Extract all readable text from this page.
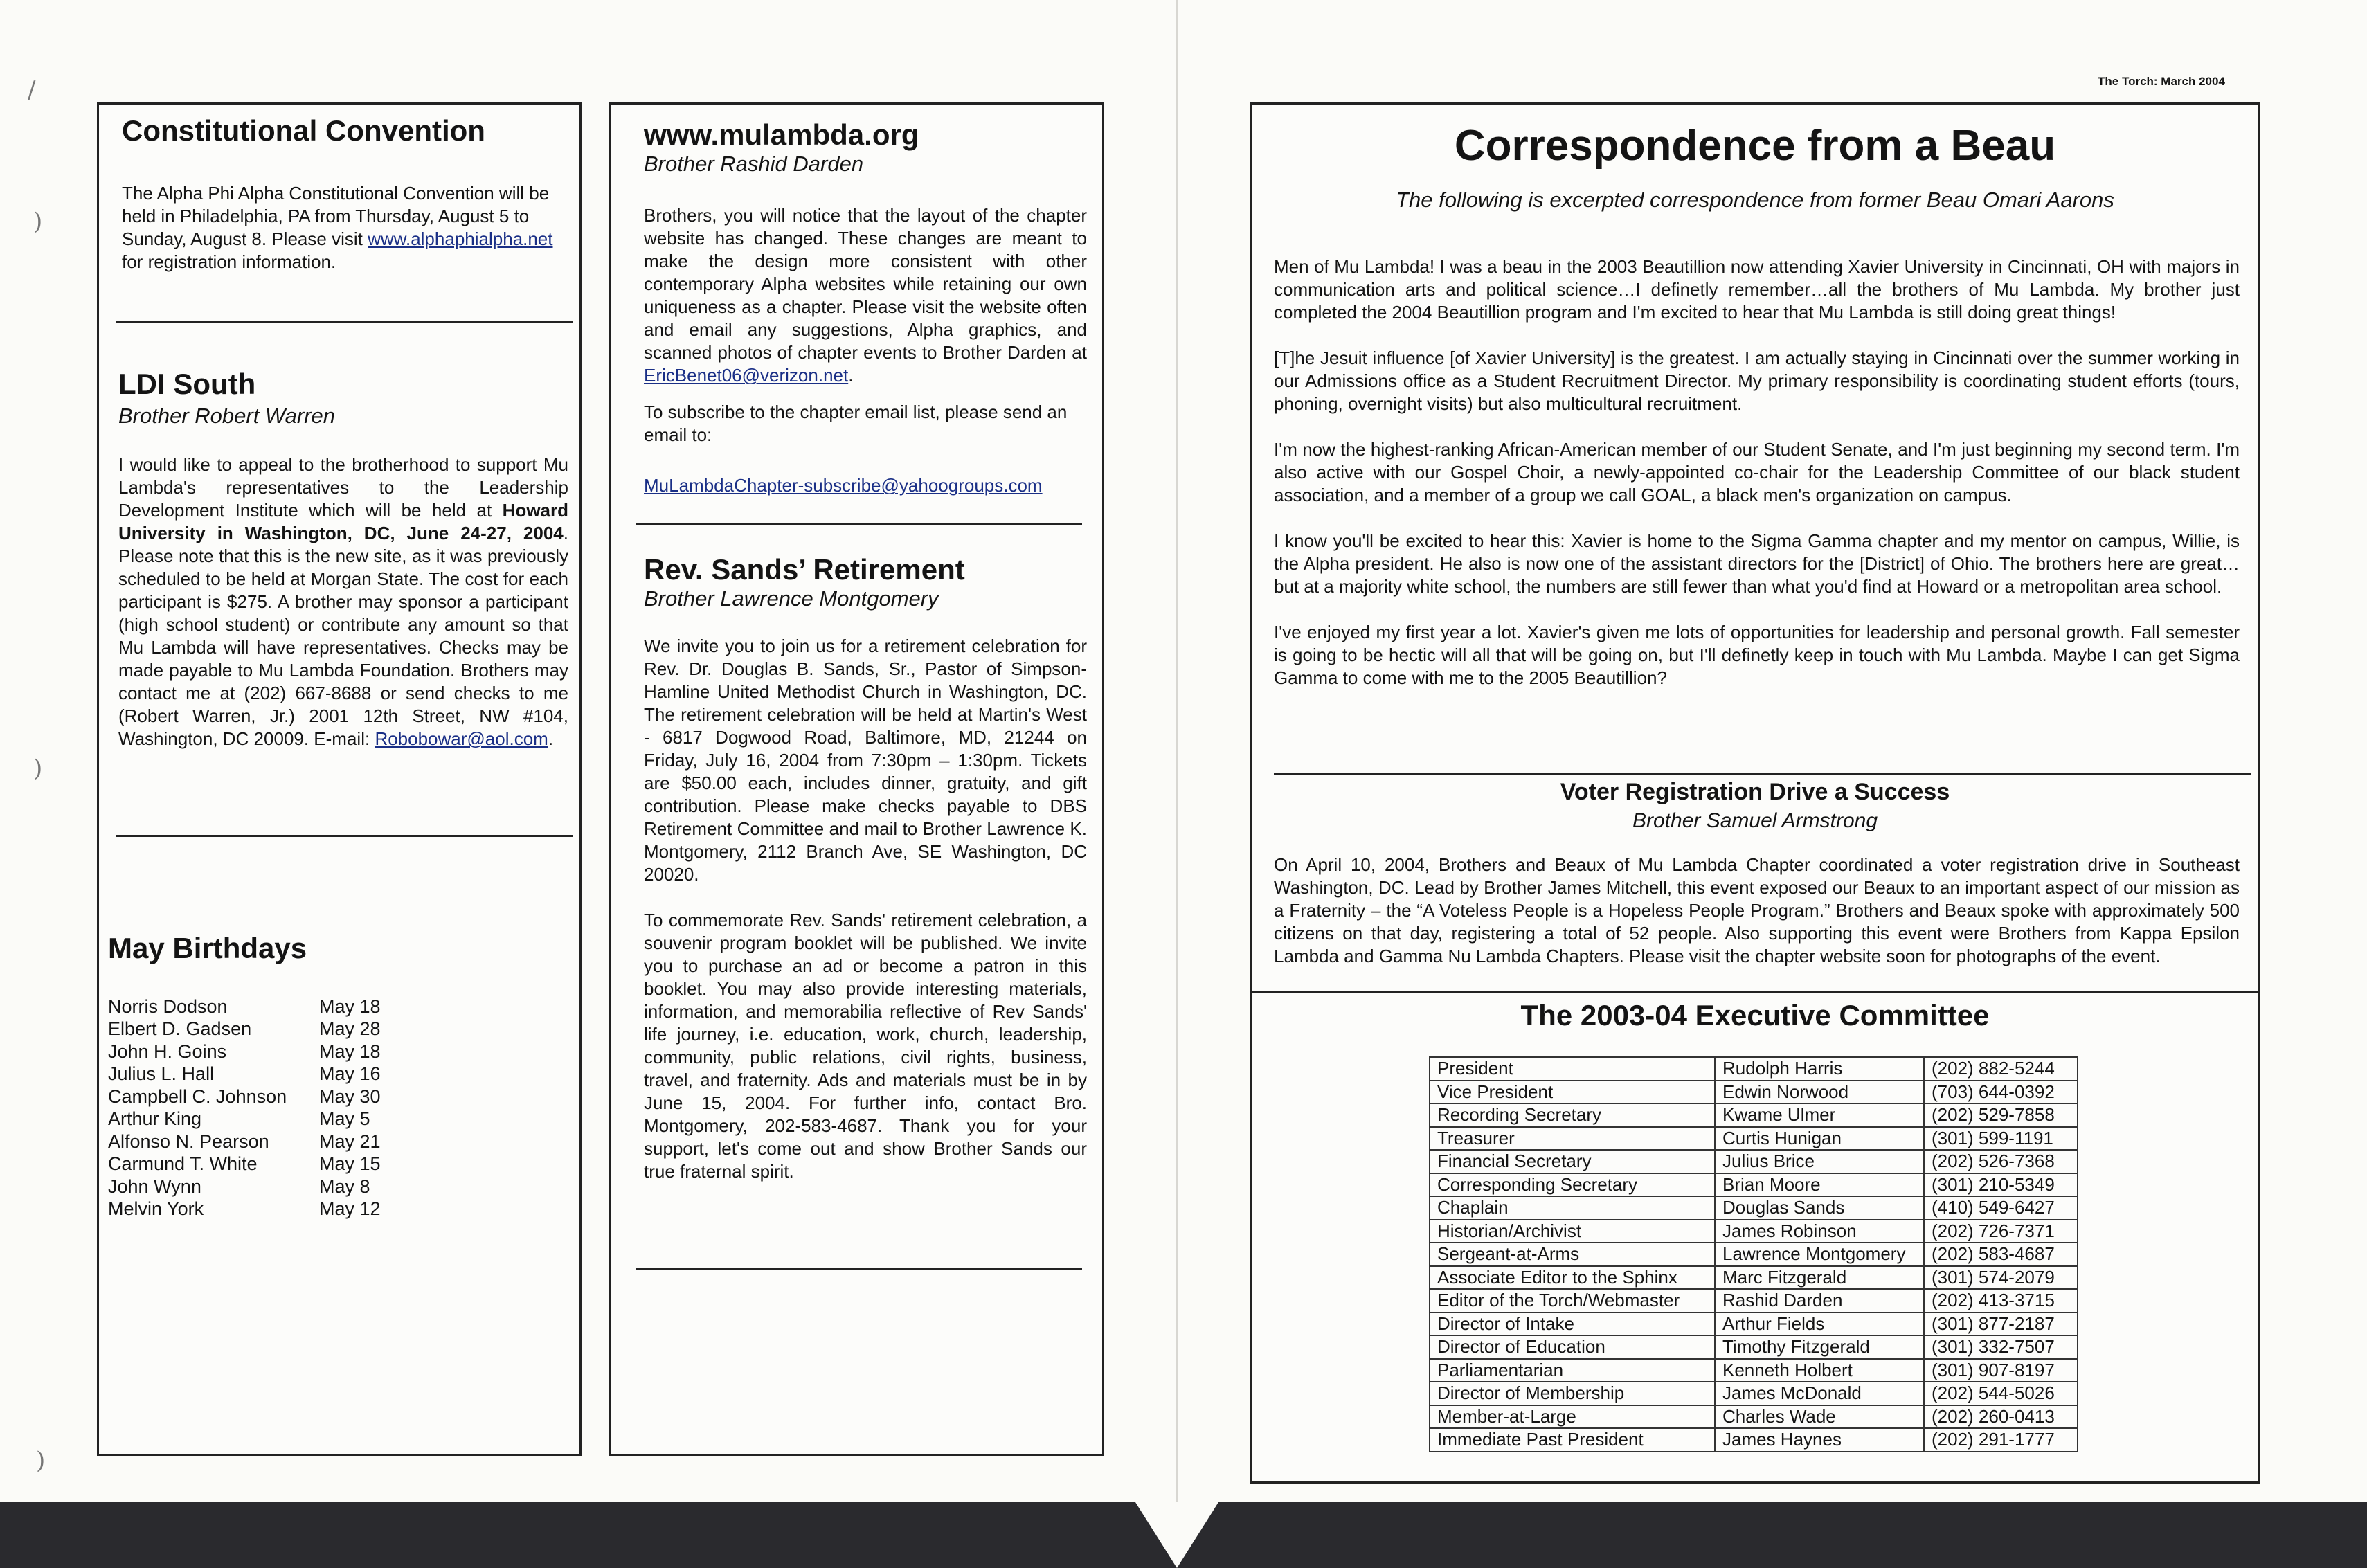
/
)
)
)
The Torch: March 2004
Constitutional Convention

The Alpha Phi Alpha Constitutional Convention will be held in Philadelphia, PA from Thursday, August 5 to Sunday, August 8. Please visit www.alphaphialpha.net for registration information.

LDI South

Brother Robert Warren

I would like to appeal to the brotherhood to support Mu Lambda's representatives to the Leadership Development Institute which will be held at Howard University in Washington, DC, June 24-27, 2004. Please note that this is the new site, as it was previously scheduled to be held at Morgan State. The cost for each participant is $275. A brother may sponsor a participant (high school student) or contribute any amount so that Mu Lambda will have representatives. Checks may be made payable to Mu Lambda Foundation. Brothers may contact me at (202) 667-8688 or send checks to me (Robert Warren, Jr.) 2001 12th Street, NW #104, Washington, DC 20009. E-mail: Robobowar@aol.com.

May Birthdays
Norris Dodson	May 18
Elbert D. Gadsen	May 28
John H. Goins	May 18
Julius L. Hall	May 16
Campbell C. Johnson	May 30
Arthur King	May 5
Alfonso N. Pearson	May 21
Carmund T. White	May 15
John Wynn	May 8
Melvin York	May 12
www.mulambda.org

Brother Rashid Darden

Brothers, you will notice that the layout of the chapter website has changed. These changes are meant to make the design more consistent with other contemporary Alpha websites while retaining our own uniqueness as a chapter. Please visit the website often and email any suggestions, Alpha graphics, and scanned photos of chapter events to Brother Darden at EricBenet06@verizon.net.

To subscribe to the chapter email list, please send an email to:

MuLambdaChapter-subscribe@yahoogroups.com

Rev. Sands’ Retirement

Brother Lawrence Montgomery

We invite you to join us for a retirement celebration for Rev. Dr. Douglas B. Sands, Sr., Pastor of Simpson-Hamline United Methodist Church in Washington, DC. The retirement celebration will be held at Martin's West - 6817 Dogwood Road, Baltimore, MD, 21244 on Friday, July 16, 2004 from 7:30pm – 1:30pm. Tickets are $50.00 each, includes dinner, gratuity, and gift contribution. Please make checks payable to DBS Retirement Committee and mail to Brother Lawrence K. Montgomery, 2112 Branch Ave, SE Washington, DC 20020.

To commemorate Rev. Sands' retirement celebration, a souvenir program booklet will be published. We invite you to purchase an ad or become a patron in this booklet. You may also provide interesting materials, information, and memorabilia reflective of Rev Sands' life journey, i.e. education, work, church, leadership, community, public relations, civil rights, business, travel, and fraternity. Ads and materials must be in by June 15, 2004. For further info, contact Bro. Montgomery, 202-583-4687. Thank you for your support, let's come out and show Brother Sands our true fraternal spirit.

Correspondence from a Beau

The following is excerpted correspondence from former Beau Omari Aarons

Men of Mu Lambda! I was a beau in the 2003 Beautillion now attending Xavier University in Cincinnati, OH with majors in communication arts and political science…I definetly remember…all the brothers of Mu Lambda. My brother just completed the 2004 Beautillion program and I'm excited to hear that Mu Lambda is still doing great things!

[T]he Jesuit influence [of Xavier University] is the greatest. I am actually staying in Cincinnati over the summer working in our Admissions office as a Student Recruitment Director. My primary responsibility is coordinating student efforts (tours, phoning, overnight visits) but also multicultural recruitment.

I'm now the highest-ranking African-American member of our Student Senate, and I'm just beginning my second term. I'm also active with our Gospel Choir, a newly-appointed co-chair for the Leadership Committee of our black student association, and a member of a group we call GOAL, a black men's organization on campus.

I know you'll be excited to hear this: Xavier is home to the Sigma Gamma chapter and my mentor on campus, Willie, is the Alpha president. He also is now one of the assistant directors for the [District] of Ohio. The brothers here are great…but at a majority white school, the numbers are still fewer than what you'd find at Howard or a metropolitan area school.

I've enjoyed my first year a lot. Xavier's given me lots of opportunities for leadership and personal growth. Fall semester is going to be hectic will all that will be going on, but I'll definetly keep in touch with Mu Lambda. Maybe I can get Sigma Gamma to come with me to the 2005 Beautillion?

Voter Registration Drive a Success

Brother Samuel Armstrong

On April 10, 2004, Brothers and Beaux of Mu Lambda Chapter coordinated a voter registration drive in Southeast Washington, DC. Lead by Brother James Mitchell, this event exposed our Beaux to an important aspect of our mission as a Fraternity – the “A Voteless People is a Hopeless People Program.” Brothers and Beaux spoke with approximately 500 citizens on that day, registering a total of 52 people. Also supporting this event were Brothers from Kappa Epsilon Lambda and Gamma Nu Lambda Chapters. Please visit the chapter website soon for photographs of the event.

The 2003-04 Executive Committee

President	Rudolph Harris	(202) 882-5244
Vice President	Edwin Norwood	(703) 644-0392
Recording Secretary	Kwame Ulmer	(202) 529-7858
Treasurer	Curtis Hunigan	(301) 599-1191
Financial Secretary	Julius Brice	(202) 526-7368
Corresponding Secretary	Brian Moore	(301) 210-5349
Chaplain	Douglas Sands	(410) 549-6427
Historian/Archivist	James Robinson	(202) 726-7371
Sergeant-at-Arms	Lawrence Montgomery	(202) 583-4687
Associate Editor to the Sphinx	Marc Fitzgerald	(301) 574-2079
Editor of the Torch/Webmaster	Rashid Darden	(202) 413-3715
Director of Intake	Arthur Fields	(301) 877-2187
Director of Education	Timothy Fitzgerald	(301) 332-7507
Parliamentarian	Kenneth Holbert	(301) 907-8197
Director of Membership	James McDonald	(202) 544-5026
Member-at-Large	Charles Wade	(202) 260-0413
Immediate Past President	James Haynes	(202) 291-1777
